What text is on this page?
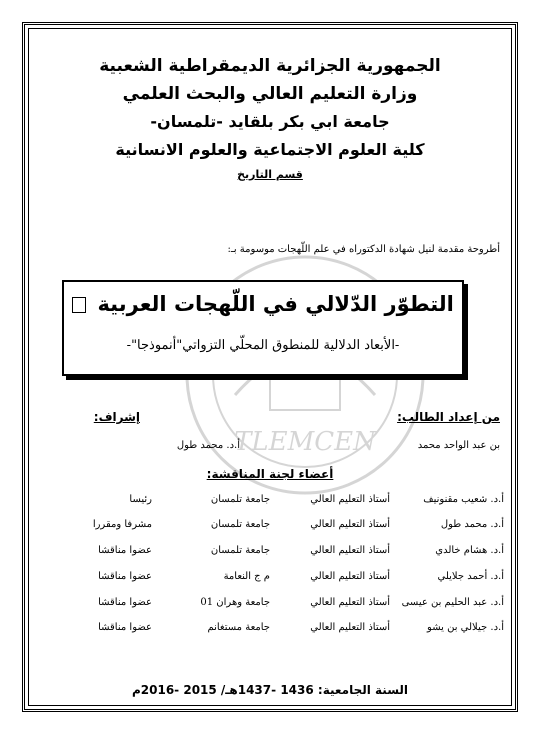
TLEMCEN
الجمهورية الجزائرية الديمقراطية الشعبية
وزارة التعليم العالي والبحث العلمي
جامعة ابي بكر بلقايد -تلمسان-
كلية العلوم الاجتماعية والعلوم الانسانية
قسم التاريخ
أطروحة مقدمة لنيل شهادة الدكتوراه في علم اللّهجات موسومة بـ:
التطوّر الدّلالي في اللّهجات العربية
-الأبعاد الدلالية للمنطوق المحلّي التزواتي"أنموذجا"-
من إعداد الطالب:
بن عبد الواحد محمد
إشراف:
أ.د. محمد طول
أعضاء لجنة المناقشة:
أ.د. شعيب مقنونيف
أستاذ التعليم العالي
جامعة تلمسان
رئيسا
أ.د. محمد طول
أستاذ التعليم العالي
جامعة تلمسان
مشرفا ومقررا
أ.د. هشام خالدي
أستاذ التعليم العالي
جامعة تلمسان
عضوا مناقشا
أ.د. أحمد جلايلي
أستاذ التعليم العالي
م ج النعامة
عضوا مناقشا
أ.د. عبد الحليم بن عيسى
أستاذ التعليم العالي
جامعة وهران 01
عضوا مناقشا
أ.د. جيلالي بن يشو
أستاذ التعليم العالي
جامعة مستغانم
عضوا مناقشا
السنة الجامعية: 1436 -1437هـ/ 2015 -2016م
